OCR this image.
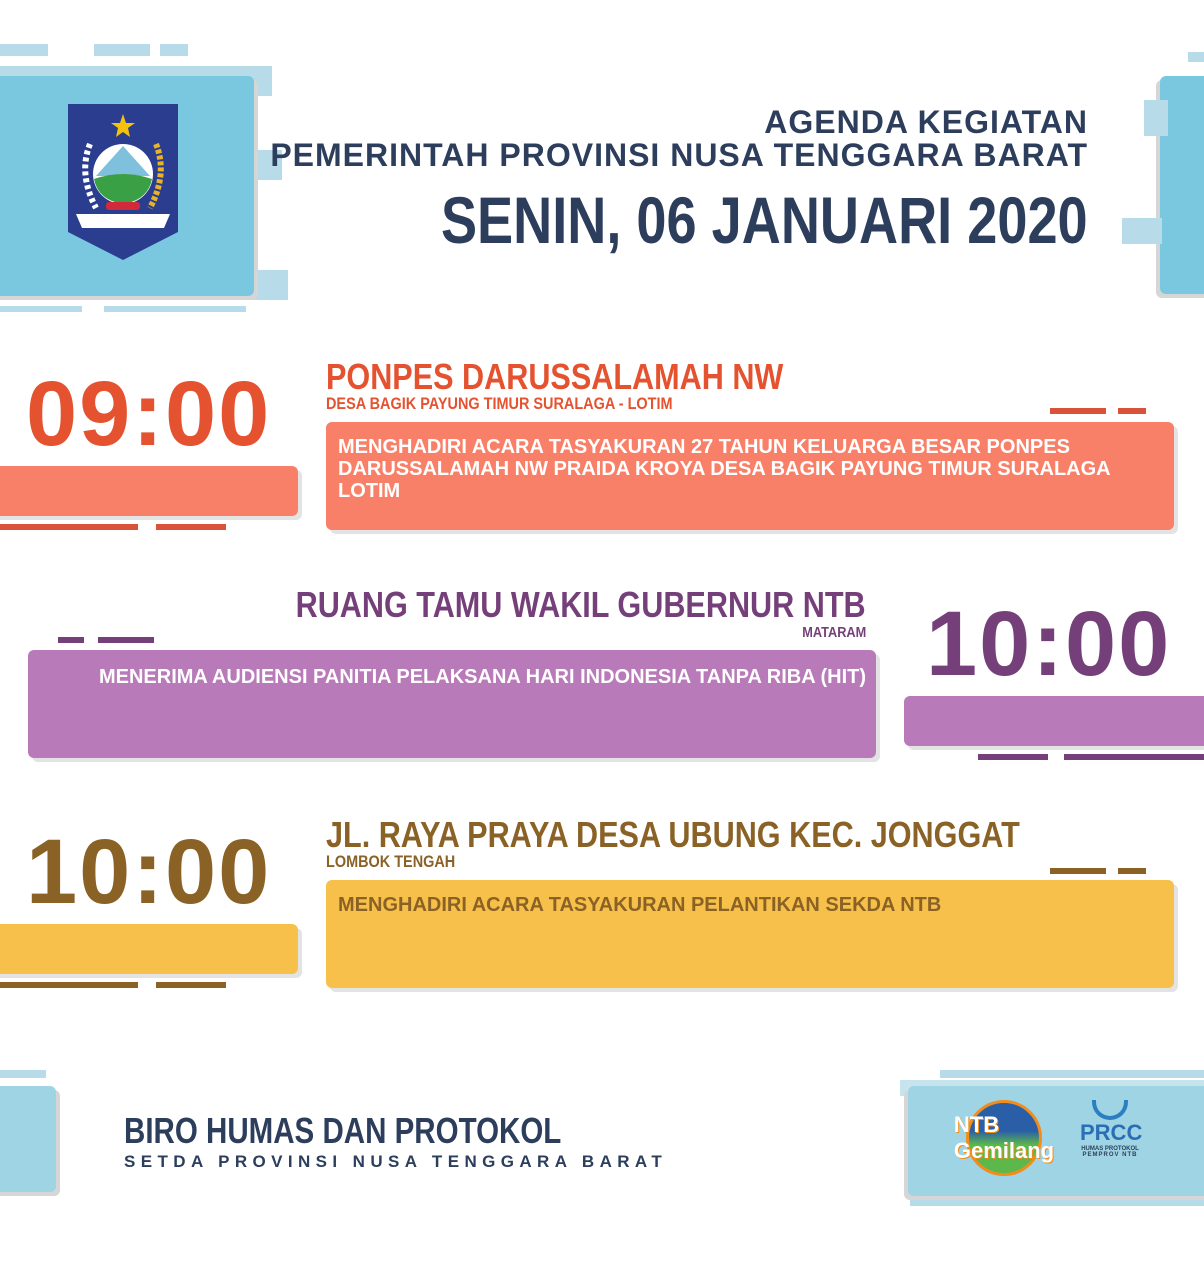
AGENDA KEGIATAN
PEMERINTAH PROVINSI NUSA TENGGARA BARAT
SENIN, 06 JANUARI 2020
09:00 PONPES DARUSSALAMAH NW
DESA BAGIK PAYUNG TIMUR SURALAGA - LOTIM
MENGHADIRI ACARA TASYAKURAN 27 TAHUN KELUARGA BESAR PONPES DARUSSALAMAH NW PRAIDA KROYA DESA BAGIK PAYUNG TIMUR SURALAGA LOTIM
RUANG TAMU WAKIL GUBERNUR NTB
MATARAM
MENERIMA AUDIENSI PANITIA PELAKSANA HARI INDONESIA TANPA RIBA (HIT) 10:00
10:00 JL. RAYA PRAYA DESA UBUNG KEC. JONGGAT
LOMBOK TENGAH
MENGHADIRI ACARA TASYAKURAN PELANTIKAN SEKDA NTB
BIRO HUMAS DAN PROTOKOL
SETDA PROVINSI NUSA TENGGARA BARAT
NTB Gemilang
PRCC
HUMAS PROTOKOL
PEMPROV NTB
